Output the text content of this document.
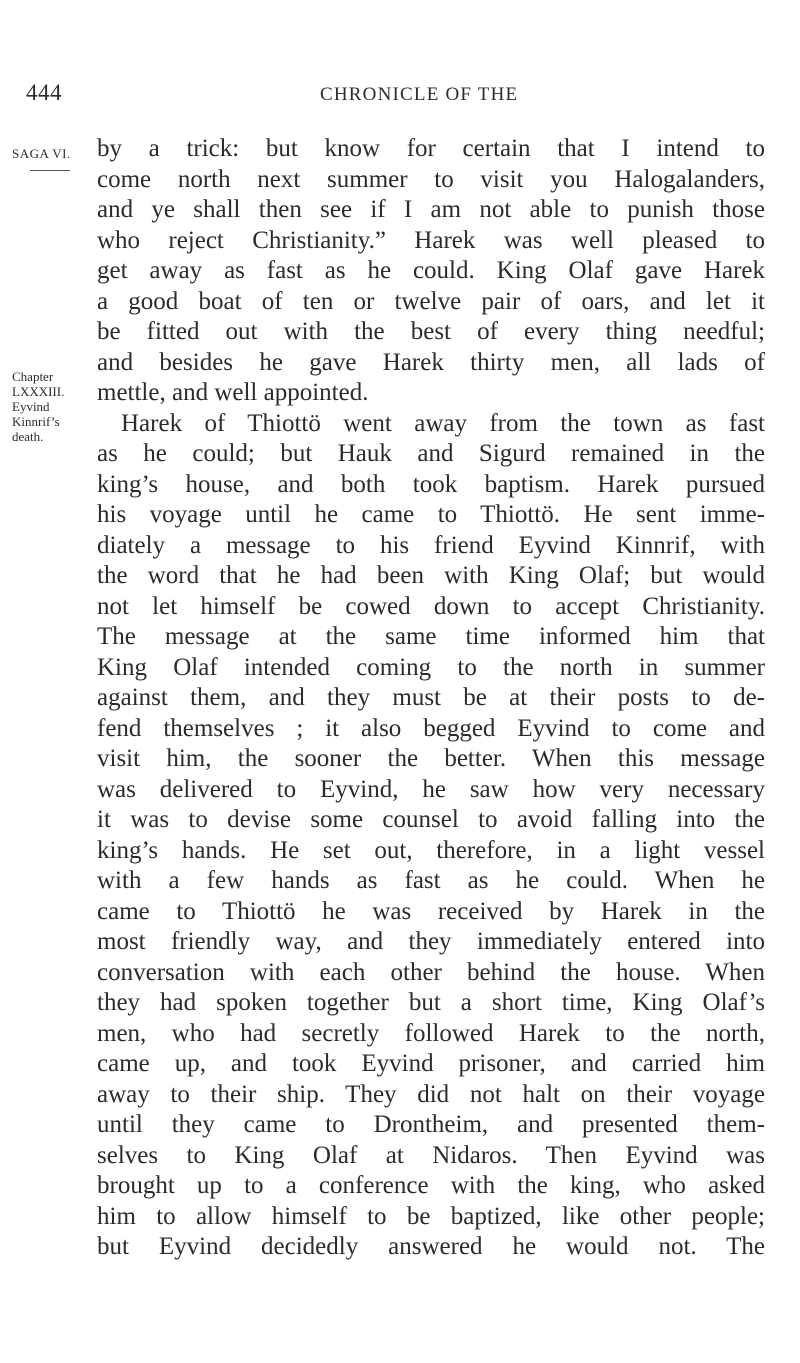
444	CHRONICLE OF THE
SAGA VI.
Chapter
LXXXIII.
Eyvind
Kinnrif’s
death.
by a trick: but know for certain that I intend to
come north next summer to visit you Halogalanders,
and ye shall then see if I am not able to punish those
who reject Christianity.” Harek was well pleased to
get away as fast as he could. King Olaf gave Harek
a good boat of ten or twelve pair of oars, and let it
be fitted out with the best of every thing needful;
and besides he gave Harek thirty men, all lads of
mettle, and well appointed.
Harek of Thiottö went away from the town as fast
as he could; but Hauk and Sigurd remained in the
king’s house, and both took baptism. Harek pursued
his voyage until he came to Thiottö. He sent imme-
diately a message to his friend Eyvind Kinnrif, with
the word that he had been with King Olaf; but would
not let himself be cowed down to accept Christianity.
The message at the same time informed him that
King Olaf intended coming to the north in summer
against them, and they must be at their posts to de-
fend themselves ; it also begged Eyvind to come and
visit him, the sooner the better. When this message
was delivered to Eyvind, he saw how very necessary
it was to devise some counsel to avoid falling into the
king’s hands. He set out, therefore, in a light vessel
with a few hands as fast as he could. When he
came to Thiottö he was received by Harek in the
most friendly way, and they immediately entered into
conversation with each other behind the house. When
they had spoken together but a short time, King Olaf’s
men, who had secretly followed Harek to the north,
came up, and took Eyvind prisoner, and carried him
away to their ship. They did not halt on their voyage
until they came to Drontheim, and presented them-
selves to King Olaf at Nidaros. Then Eyvind was
brought up to a conference with the king, who asked
him to allow himself to be baptized, like other people;
but Eyvind decidedly answered he would not. The
